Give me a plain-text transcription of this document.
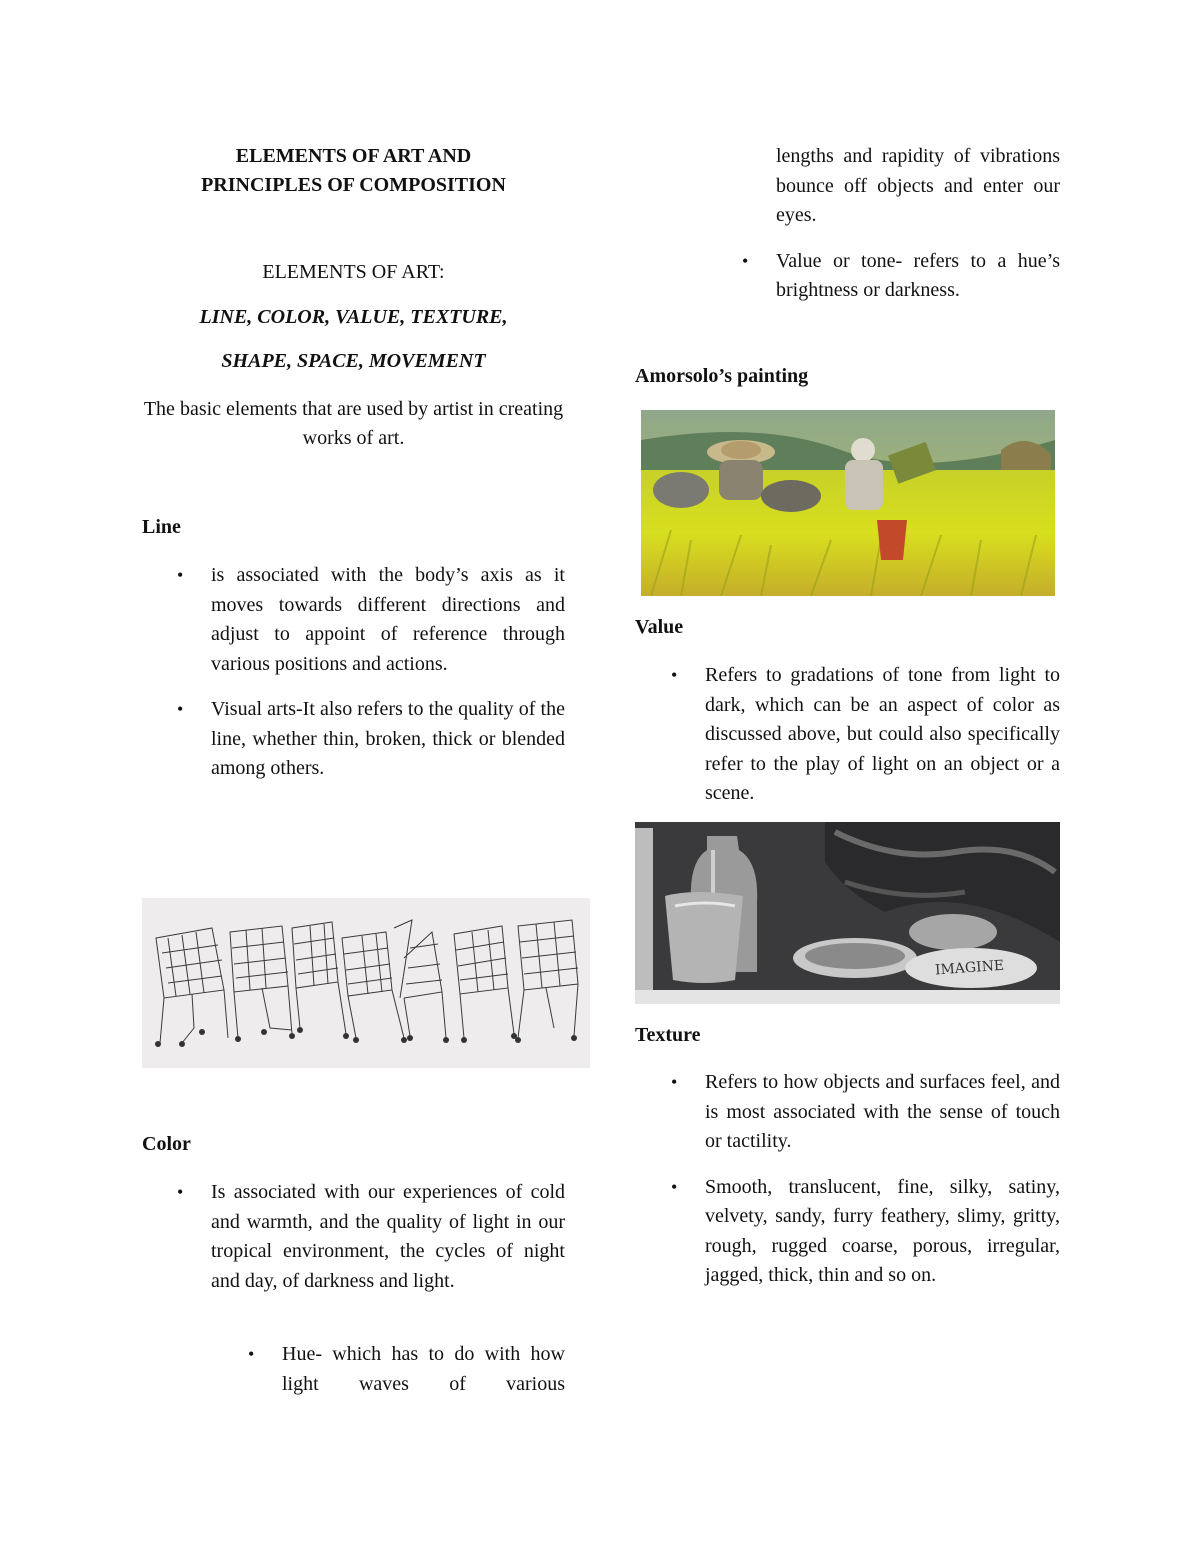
ELEMENTS OF ART AND
PRINCIPLES OF COMPOSITION
ELEMENTS OF ART:
LINE, COLOR, VALUE, TEXTURE,
SHAPE, SPACE, MOVEMENT
The basic elements that are used by artist in creating works of art.
Line
• is associated with the body’s axis as it moves towards different directions and adjust to appoint of reference through various positions and actions.
• Visual arts-It also refers to the quality of the line, whether thin, broken, thick or blended among others.
Color
• Is associated with our experiences of cold and warmth, and the quality of light in our tropical environment, the cycles of night and day, of darkness and light.
• Hue- which has to do with how light waves of various
lengths and rapidity of vibrations bounce off objects and enter our eyes.
• Value or tone- refers to a hue’s brightness or darkness.
Amorsolo’s painting
Value
• Refers to gradations of tone from light to dark, which can be an aspect of color as discussed above, but could also specifically refer to the play of light on an object or a scene.
IMAGINE
Texture
• Refers to how objects and surfaces feel, and is most associated with the sense of touch or tactility.
• Smooth, translucent, fine, silky, satiny, velvety, sandy, furry feathery, slimy, gritty, rough, rugged coarse, porous, irregular, jagged, thick, thin and so on.
